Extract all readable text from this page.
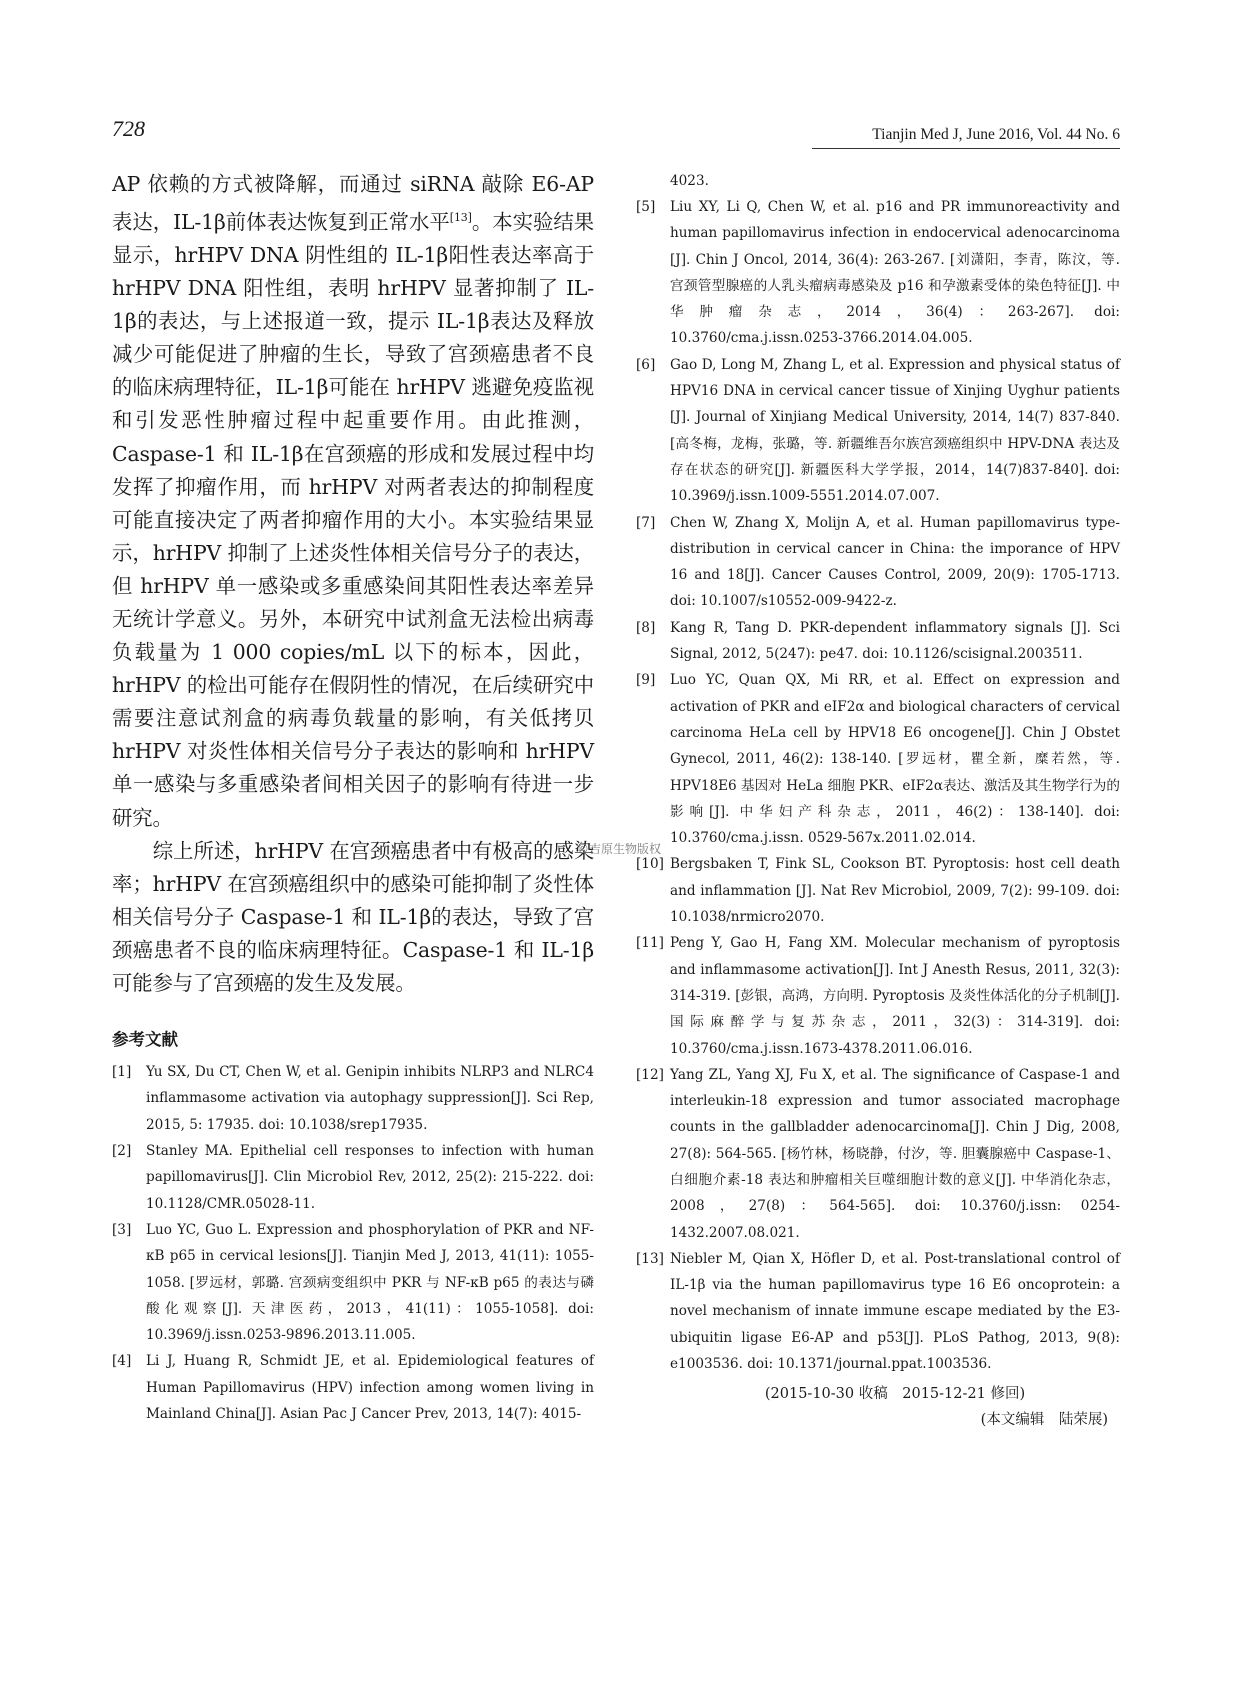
728	Tianjin Med J, June 2016, Vol. 44 No. 6

AP 依赖的方式被降解，而通过 siRNA 敲除 E6-AP 表达，IL-1β前体表达恢复到正常水平[13]。本实验结果显示，hrHPV DNA 阴性组的 IL-1β阳性表达率高于 hrHPV DNA 阳性组，表明 hrHPV 显著抑制了 IL-1β的表达，与上述报道一致，提示 IL-1β表达及释放减少可能促进了肿瘤的生长，导致了宫颈癌患者不良的临床病理特征，IL-1β可能在 hrHPV 逃避免疫监视和引发恶性肿瘤过程中起重要作用。由此推测，Caspase-1 和 IL-1β在宫颈癌的形成和发展过程中均发挥了抑瘤作用，而 hrHPV 对两者表达的抑制程度可能直接决定了两者抑瘤作用的大小。本实验结果显示，hrHPV 抑制了上述炎性体相关信号分子的表达，但 hrHPV 单一感染或多重感染间其阳性表达率差异无统计学意义。另外，本研究中试剂盒无法检出病毒负载量为 1 000 copies/mL 以下的标本，因此，hrHPV 的检出可能存在假阴性的情况，在后续研究中需要注意试剂盒的病毒负载量的影响，有关低拷贝 hrHPV 对炎性体相关信号分子表达的影响和 hrHPV 单一感染与多重感染者间相关因子的影响有待进一步研究。

综上所述，hrHPV 在宫颈癌患者中有极高的感染率；hrHPV 在宫颈癌组织中的感染可能抑制了炎性体相关信号分子 Caspase-1 和 IL-1β的表达，导致了宫颈癌患者不良的临床病理特征。Caspase-1 和 IL-1β可能参与了宫颈癌的发生及发展。

参考文献

[1] Yu SX, Du CT, Chen W, et al. Genipin inhibits NLRP3 and NLRC4 inflammasome activation via autophagy suppression[J]. Sci Rep, 2015, 5: 17935. doi: 10.1038/srep17935.

[2] Stanley MA. Epithelial cell responses to infection with human papillomavirus[J]. Clin Microbiol Rev, 2012, 25(2): 215-222. doi: 10.1128/CMR.05028-11.

[3] Luo YC, Guo L. Expression and phosphorylation of PKR and NF-κB p65 in cervical lesions[J]. Tianjin Med J, 2013, 41(11): 1055-1058. [罗远材，郭璐. 宫颈病变组织中 PKR 与 NF-κB p65 的表达与磷酸化观察[J]. 天津医药，2013，41(11)：1055-1058]. doi: 10.3969/j.issn.0253-9896.2013.11.005.

[4] Li J, Huang R, Schmidt JE, et al. Epidemiological features of Human Papillomavirus (HPV) infection among women living in Mainland China[J]. Asian Pac J Cancer Prev, 2013, 14(7): 4015-

4023.

[5] Liu XY, Li Q, Chen W, et al. p16 and PR immunoreactivity and human papillomavirus infection in endocervical adenocarcinoma [J]. Chin J Oncol, 2014, 36(4): 263-267. [刘潇阳，李青，陈汶，等. 宫颈管型腺癌的人乳头瘤病毒感染及 p16 和孕激素受体的染色特征[J]. 中华肿瘤杂志，2014，36(4)：263-267]. doi: 10.3760/cma.j.issn.0253-3766.2014.04.005.

[6] Gao D, Long M, Zhang L, et al. Expression and physical status of HPV16 DNA in cervical cancer tissue of Xinjing Uyghur patients [J]. Journal of Xinjiang Medical University, 2014, 14(7) 837-840. [高冬梅，龙梅，张璐，等. 新疆维吾尔族宫颈癌组织中 HPV-DNA 表达及存在状态的研究[J]. 新疆医科大学学报，2014，14(7)837-840]. doi: 10.3969/j.issn.1009-5551.2014.07.007.

[7] Chen W, Zhang X, Molijn A, et al. Human papillomavirus type-distribution in cervical cancer in China: the imporance of HPV 16 and 18[J]. Cancer Causes Control, 2009, 20(9): 1705-1713. doi: 10.1007/s10552-009-9422-z.

[8] Kang R, Tang D. PKR-dependent inflammatory signals [J]. Sci Signal, 2012, 5(247): pe47. doi: 10.1126/scisignal.2003511.

[9] Luo YC, Quan QX, Mi RR, et al. Effect on expression and activation of PKR and eIF2α and biological characters of cervical carcinoma HeLa cell by HPV18 E6 oncogene[J]. Chin J Obstet Gynecol, 2011, 46(2): 138-140. [罗远材，瞿全新，糜若然，等. HPV18E6 基因对 HeLa 细胞 PKR、eIF2α表达、激活及其生物学行为的影响[J]. 中华妇产科杂志，2011，46(2)：138-140]. doi: 10.3760/cma.j.issn. 0529-567x.2011.02.014.

[10] Bergsbaken T, Fink SL, Cookson BT. Pyroptosis: host cell death and inflammation [J]. Nat Rev Microbiol, 2009, 7(2): 99-109. doi: 10.1038/nrmicro2070.

[11] Peng Y, Gao H, Fang XM. Molecular mechanism of pyroptosis and inflammasome activation[J]. Int J Anesth Resus, 2011, 32(3): 314-319. [彭银，高鸿，方向明. Pyroptosis 及炎性体活化的分子机制[J]. 国际麻醉学与复苏杂志，2011，32(3)：314-319]. doi: 10.3760/cma.j.issn.1673-4378.2011.06.016.

[12] Yang ZL, Yang XJ, Fu X, et al. The significance of Caspase-1 and interleukin-18 expression and tumor associated macrophage counts in the gallbladder adenocarcinoma[J]. Chin J Dig, 2008, 27(8): 564-565. [杨竹林，杨晓静，付汐，等. 胆囊腺癌中 Caspase-1、白细胞介素-18 表达和肿瘤相关巨噬细胞计数的意义[J]. 中华消化杂志，2008，27(8)：564-565]. doi: 10.3760/j.issn: 0254-1432.2007.08.021.

[13] Niebler M, Qian X, Höfler D, et al. Post-translational control of IL-1β via the human papillomavirus type 16 E6 oncoprotein: a novel mechanism of innate immune escape mediated by the E3-ubiquitin ligase E6-AP and p53[J]. PLoS Pathog, 2013, 9(8): e1003536. doi: 10.1371/journal.ppat.1003536.

(2015-10-30 收稿　2015-12-21 修回)
(本文编辑　陆荣展)
©吉原生物版权
